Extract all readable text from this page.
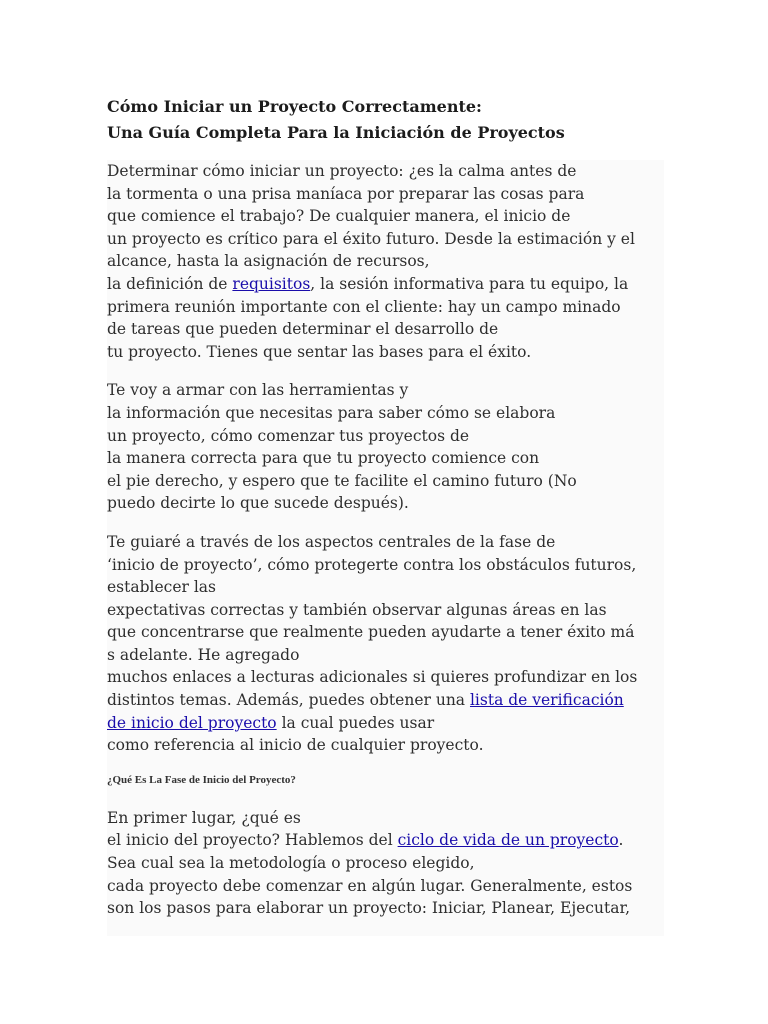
Cómo Iniciar un Proyecto Correctamente:
Una Guía Completa Para la Iniciación de Proyectos

Determinar cómo iniciar un proyecto: ¿es la calma antes de
la tormenta o una prisa maníaca por preparar las cosas para
que comience el trabajo? De cualquier manera, el inicio de
un proyecto es crítico para el éxito futuro. Desde la estimación y el
alcance, hasta la asignación de recursos,
la definición de requisitos, la sesión informativa para tu equipo, la
primera reunión importante con el cliente: hay un campo minado
de tareas que pueden determinar el desarrollo de
tu proyecto. Tienes que sentar las bases para el éxito.

Te voy a armar con las herramientas y
la información que necesitas para saber cómo se elabora
un proyecto, cómo comenzar tus proyectos de
la manera correcta para que tu proyecto comience con
el pie derecho, y espero que te facilite el camino futuro (No
puedo decirte lo que sucede después).

Te guiaré a través de los aspectos centrales de la fase de
‘inicio de proyecto’, cómo protegerte contra los obstáculos futuros,
establecer las
expectativas correctas y también observar algunas áreas en las
que concentrarse que realmente pueden ayudarte a tener éxito má
s adelante. He agregado
muchos enlaces a lecturas adicionales si quieres profundizar en los
distintos temas. Además, puedes obtener una lista de verificación
de inicio del proyecto la cual puedes usar
como referencia al inicio de cualquier proyecto.

¿Qué Es La Fase de Inicio del Proyecto?

En primer lugar, ¿qué es
el inicio del proyecto? Hablemos del ciclo de vida de un proyecto.
Sea cual sea la metodología o proceso elegido,
cada proyecto debe comenzar en algún lugar. Generalmente, estos
son los pasos para elaborar un proyecto: Iniciar, Planear, Ejecutar,
